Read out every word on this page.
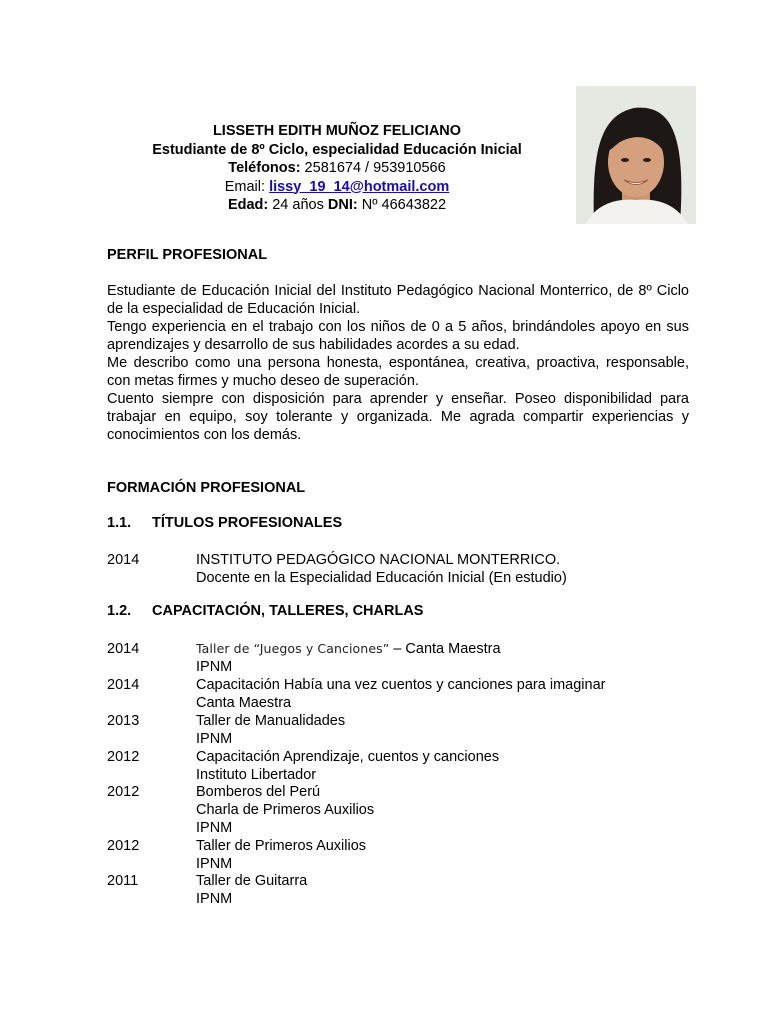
LISSETH EDITH MUÑOZ FELICIANO
Estudiante de 8º Ciclo, especialidad Educación Inicial
Teléfonos: 2581674 / 953910566
Email: lissy_19_14@hotmail.com
Edad: 24 años DNI: Nº 46643822
PERFIL PROFESIONAL

Estudiante de Educación Inicial del Instituto Pedagógico Nacional Monterrico, de 8º Ciclo de la especialidad de Educación Inicial.

Tengo experiencia en el trabajo con los niños de 0 a 5 años, brindándoles apoyo en sus aprendizajes y desarrollo de sus habilidades acordes a su edad.

Me describo como una persona honesta, espontánea, creativa, proactiva, responsable, con metas firmes y mucho deseo de superación.

Cuento siempre con disposición para aprender y enseñar. Poseo disponibilidad para trabajar en equipo, soy tolerante y organizada. Me agrada compartir experiencias y conocimientos con los demás.

FORMACIÓN PROFESIONAL
1.1. TÍTULOS PROFESIONALES
2014	INSTITUTO PEDAGÓGICO NACIONAL MONTERRICO.
Docente en la Especialidad Educación Inicial (En estudio)
1.2. CAPACITACIÓN, TALLERES, CHARLAS
2014	Taller de “Juegos y Canciones” – Canta Maestra
IPNM
2014	Capacitación Había una vez cuentos y canciones para imaginar
Canta Maestra
2013	Taller de Manualidades
IPNM
2012	Capacitación Aprendizaje, cuentos y canciones
Instituto Libertador
2012	Bomberos del Perú
Charla de Primeros Auxilios
IPNM
2012	Taller de Primeros Auxilios
IPNM
2011	Taller de Guitarra
IPNM
